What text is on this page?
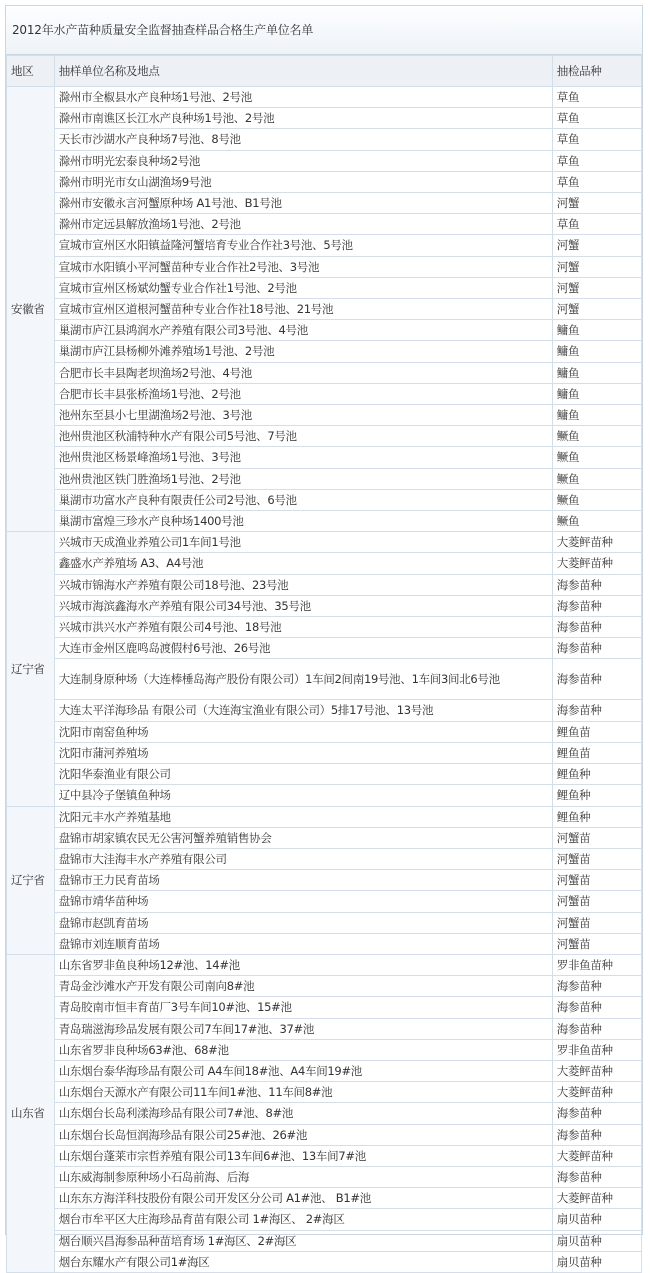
2012年水产苗种质量安全监督抽查样品合格生产单位名单
地区	抽样单位名称及地点	抽检品种
安徽省	滁州市全椒县水产良种场1号池、2号池	草鱼
	滁州市南谯区长江水产良种场1号池、2号池	草鱼
	天长市沙湖水产良种场7号池、8号池	草鱼
	滁州市明光宏泰良种场2号池	草鱼
	滁州市明光市女山湖渔场9号池	草鱼
	滁州市安徽永言河蟹原种场 A1号池、B1号池	河蟹
	滁州市定远县解放渔场1号池、2号池	草鱼
	宣城市宣州区水阳镇益隆河蟹培育专业合作社3号池、5号池	河蟹
	宣城市水阳镇小平河蟹苗种专业合作社2号池、3号池	河蟹
	宣城市宣州区杨斌幼蟹专业合作社1号池、2号池	河蟹
	宣城市宣州区道根河蟹苗种专业合作社18号池、21号池	河蟹
	巢湖市庐江县鸿润水产养殖有限公司3号池、4号池	鳙鱼
	巢湖市庐江县杨柳外滩养殖场1号池、2号池	鳙鱼
	合肥市长丰县陶老坝渔场2号池、4号池	鳙鱼
	合肥市长丰县张桥渔场1号池、2号池	鳙鱼
	池州东至县小七里湖渔场2号池、3号池	鳙鱼
	池州贵池区秋浦特种水产有限公司5号池、7号池	鳜鱼
	池州贵池区杨景峰渔场1号池、3号池	鳜鱼
	池州贵池区铁门胜渔场1号池、2号池	鳜鱼
	巢湖市功富水产良种有限责任公司2号池、6号池	鳜鱼
	巢湖市富煌三珍水产良种场1400号池	鳜鱼
辽宁省	兴城市天成渔业养殖公司1车间1号池	大菱鲆苗种
	鑫盛水产养殖场 A3、A4号池	大菱鲆苗种
	兴城市锦海水产养殖有限公司18号池、23号池	海参苗种
	兴城市海滨鑫海水产养殖有限公司34号池、35号池	海参苗种
	兴城市洪兴水产养殖有限公司4号池、18号池	海参苗种
	大连市金州区鹿鸣岛渡假村6号池、26号池	海参苗种
	大连制身原种场（大连棒棰岛海产股份有限公司）1车间2间南19号池、1车间3间北6号池	海参苗种
	大连太平洋海珍品 有限公司（大连海宝渔业有限公司）5排17号池、13号池	海参苗种
	沈阳市南窑鱼种场	鲤鱼苗
	沈阳市蒲河养殖场	鲤鱼苗
	沈阳华泰渔业有限公司	鲤鱼种
	辽中县冷子堡镇鱼种场	鲤鱼种
辽宁省	沈阳元丰水产养殖基地	鲤鱼种
	盘锦市胡家镇农民无公害河蟹养殖销售协会	河蟹苗
	盘锦市大洼海丰水产养殖有限公司	河蟹苗
	盘锦市王力民育苗场	河蟹苗
	盘锦市靖华苗种场	河蟹苗
	盘锦市赵凯育苗场	河蟹苗
	盘锦市刘连顺育苗场	河蟹苗
山东省	山东省罗非鱼良种场12#池、14#池	罗非鱼苗种
	青岛金沙滩水产开发有限公司南向8#池	海参苗种
	青岛胶南市恒丰育苗厂3号车间10#池、15#池	海参苗种
	青岛瑞滋海珍品发展有限公司7车间17#池、37#池	海参苗种
	山东省罗非良种场63#池、68#池	罗非鱼苗种
	山东烟台泰华海珍品有限公司 A4车间18#池、A4车间19#池	大菱鲆苗种
	山东烟台天源水产有限公司11车间1#池、11车间8#池	大菱鲆苗种
	山东烟台长岛利漾海珍品有限公司7#池、8#池	海参苗种
	山东烟台长岛恒润海珍品有限公司25#池、26#池	海参苗种
	山东烟台蓬莱市宗哲养殖有限公司13车间6#池、13车间7#池	大菱鲆苗种
	山东威海制参原种场小石岛前海、后海	海参苗种
	山东东方海洋科技股份有限公司开发区分公司 A1#池、 B1#池	大菱鲆苗种
	烟台市牟平区大庄海珍品育苗有限公司 1#海区、 2#海区	扇贝苗种
	烟台顺兴昌海参品种苗培育场 1#海区、2#海区	扇贝苗种
	烟台东耀水产有限公司1#海区	扇贝苗种
